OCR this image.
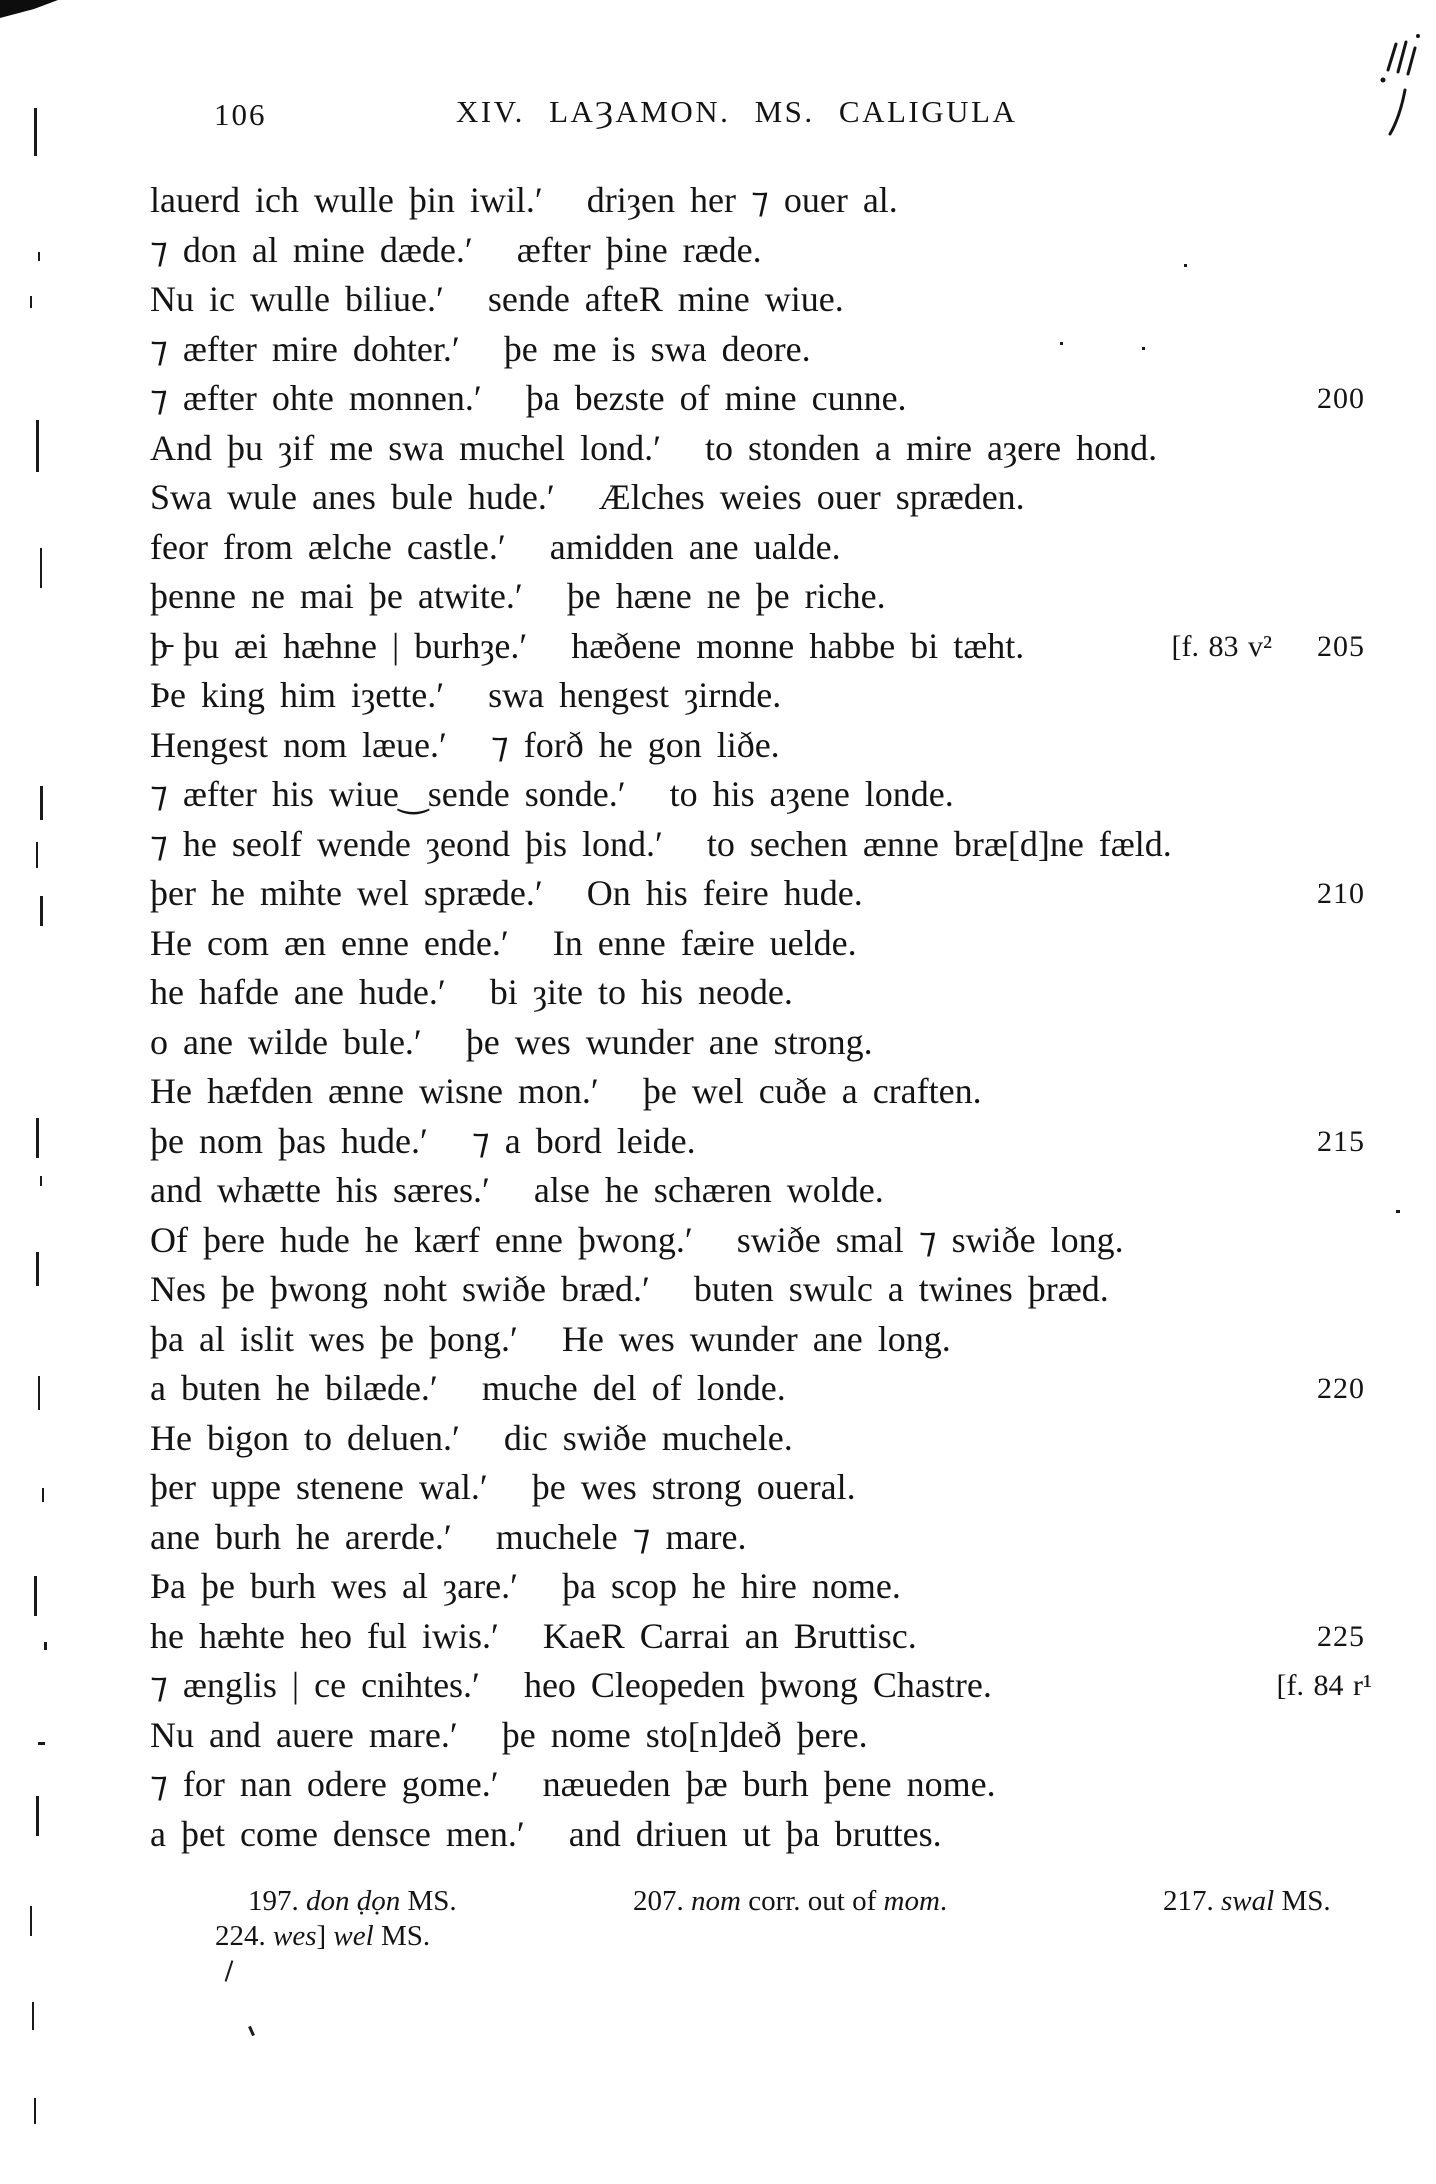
106	XIV. LAȜAMON. MS. CALIGULA
lauerd ich wulle þin iwil.ʹ driȝen her ⁊ ouer al.
⁊ don al mine dæde.ʹ æfter þine ræde.
Nu ic wulle biliue.ʹ sende afteR mine wiue.
⁊ æfter mire dohter.ʹ þe me is swa deore.
⁊ æfter ohte monnen.ʹ þa bezste of mine cunne.	200
And þu ȝif me swa muchel lond.ʹ to stonden a mire aȝere hond.
Swa wule anes bule hude.ʹ Ælches weies ouer spræden.
feor from ælche castle.ʹ amidden ane ualde.
þenne ne mai þe atwite.ʹ þe hæne ne þe riche.
þ̵ þu æi hæhne | burhȝe.ʹ hæðene monne habbe bi tæht.	[f. 83 v² 205
Þe king him iȝette.ʹ swa hengest ȝirnde.
Hengest nom læue.ʹ ⁊ forð he gon liðe.
⁊ æfter his wiue‿sende sonde.ʹ to his aȝene londe.
⁊ he seolf wende ȝeond þis lond.ʹ to sechen ænne bræ[d]ne fæld.
þer he mihte wel spræde.ʹ On his feire hude.	210
He com æn enne ende.ʹ In enne fæire uelde.
he hafde ane hude.ʹ bi ȝite to his neode.
o ane wilde bule.ʹ þe wes wunder ane strong.
He hæfden ænne wisne mon.ʹ þe wel cuðe a craften.
þe nom þas hude.ʹ ⁊ a bord leide.	215
and whætte his særes.ʹ alse he schæren wolde.
Of þere hude he kærf enne þwong.ʹ swiðe smal ⁊ swiðe long.
Nes þe þwong noht swiðe bræd.ʹ buten swulc a twines þræd.
þa al islit wes þe þong.ʹ He wes wunder ane long.
a buten he bilæde.ʹ muche del of londe.	220
He bigon to deluen.ʹ dic swiðe muchele.
þer uppe stenene wal.ʹ þe wes strong oueral.
ane burh he arerde.ʹ muchele ⁊ mare.
Þa þe burh wes al ȝare.ʹ þa scop he hire nome.
he hæhte heo ful iwis.ʹ KaeR Carrai an Bruttisc.	225
⁊ ænglis | ce cnihtes.ʹ heo Cleopeden þwong Chastre.	[f. 84 r¹
Nu and auere mare.ʹ þe nome sto[n]deð þere.
⁊ for nan odere gome.ʹ næueden þæ burh þene nome.
a þet come densce men.ʹ and driuen ut þa bruttes.
197. don ḍọn MS.	207. nom corr. out of mom.	217. swal MS.
224. wes] wel MS.
